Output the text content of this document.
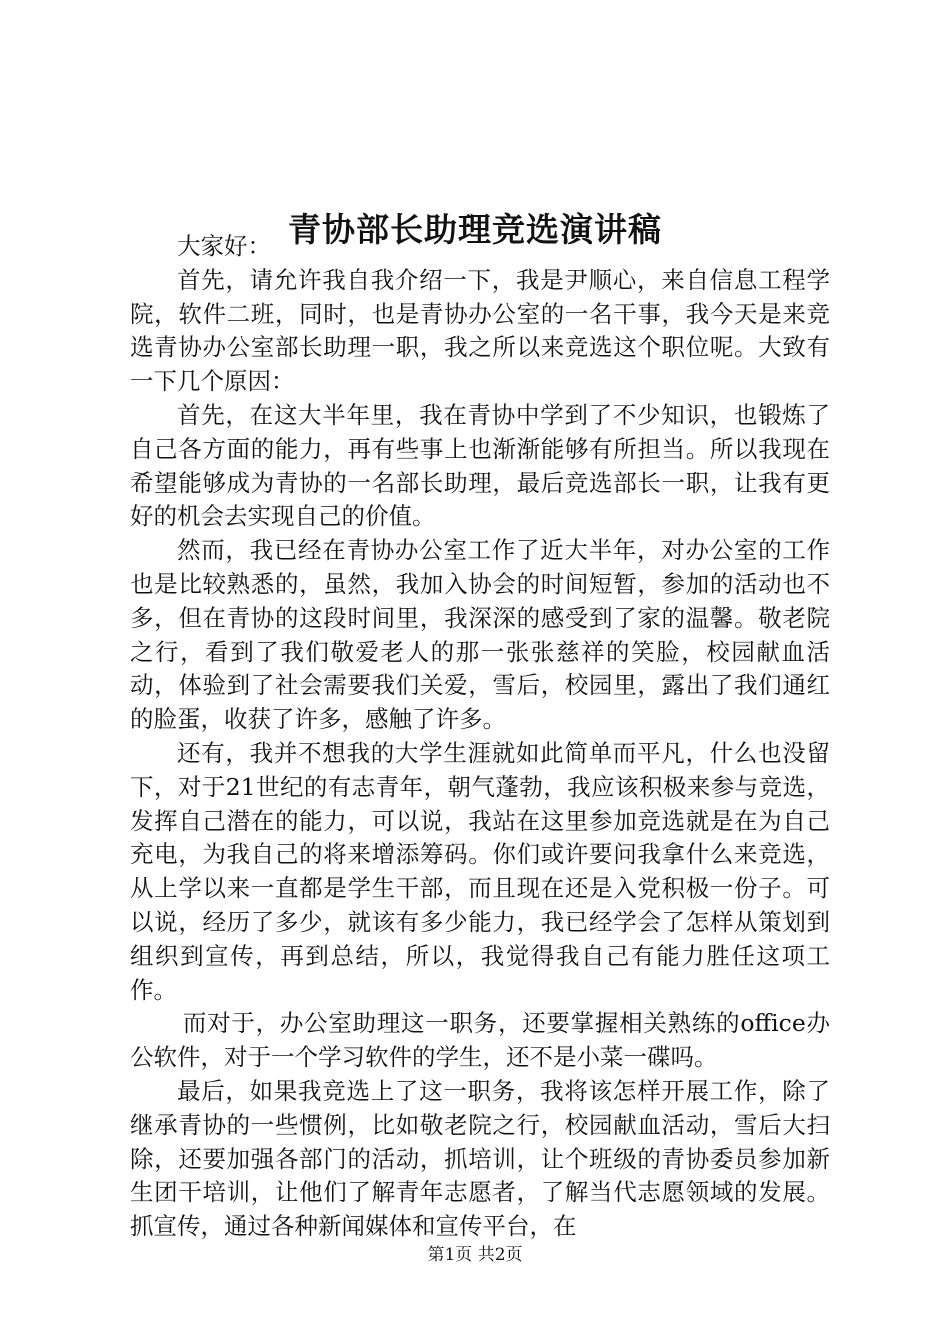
青协部长助理竞选演讲稿

大家好：

首先，请允许我自我介绍一下，我是尹顺心，来自信息工程学院，软件二班，同时，也是青协办公室的一名干事，我今天是来竞选青协办公室部长助理一职，我之所以来竞选这个职位呢。大致有一下几个原因：

首先，在这大半年里，我在青协中学到了不少知识，也锻炼了自己各方面的能力，再有些事上也渐渐能够有所担当。所以我现在希望能够成为青协的一名部长助理，最后竞选部长一职，让我有更好的机会去实现自己的价值。

然而，我已经在青协办公室工作了近大半年，对办公室的工作也是比较熟悉的，虽然，我加入协会的时间短暂，参加的活动也不多，但在青协的这段时间里，我深深的感受到了家的温馨。敬老院之行，看到了我们敬爱老人的那一张张慈祥的笑脸，校园献血活动，体验到了社会需要我们关爱，雪后，校园里，露出了我们通红的脸蛋，收获了许多，感触了许多。

还有，我并不想我的大学生涯就如此简单而平凡，什么也没留下，对于21世纪的有志青年，朝气蓬勃，我应该积极来参与竞选，发挥自己潜在的能力，可以说，我站在这里参加竞选就是在为自己充电，为我自己的将来增添筹码。你们或许要问我拿什么来竞选，从上学以来一直都是学生干部，而且现在还是入党积极一份子。可以说，经历了多少，就该有多少能力，我已经学会了怎样从策划到组织到宣传，再到总结，所以，我觉得我自己有能力胜任这项工作。

而对于，办公室助理这一职务，还要掌握相关熟练的office办公软件，对于一个学习软件的学生，还不是小菜一碟吗。

最后，如果我竞选上了这一职务，我将该怎样开展工作，除了继承青协的一些惯例，比如敬老院之行，校园献血活动，雪后大扫除，还要加强各部门的活动，抓培训，让个班级的青协委员参加新生团干培训，让他们了解青年志愿者，了解当代志愿领域的发展。抓宣传，通过各种新闻媒体和宣传平台，在

第1页 共2页
